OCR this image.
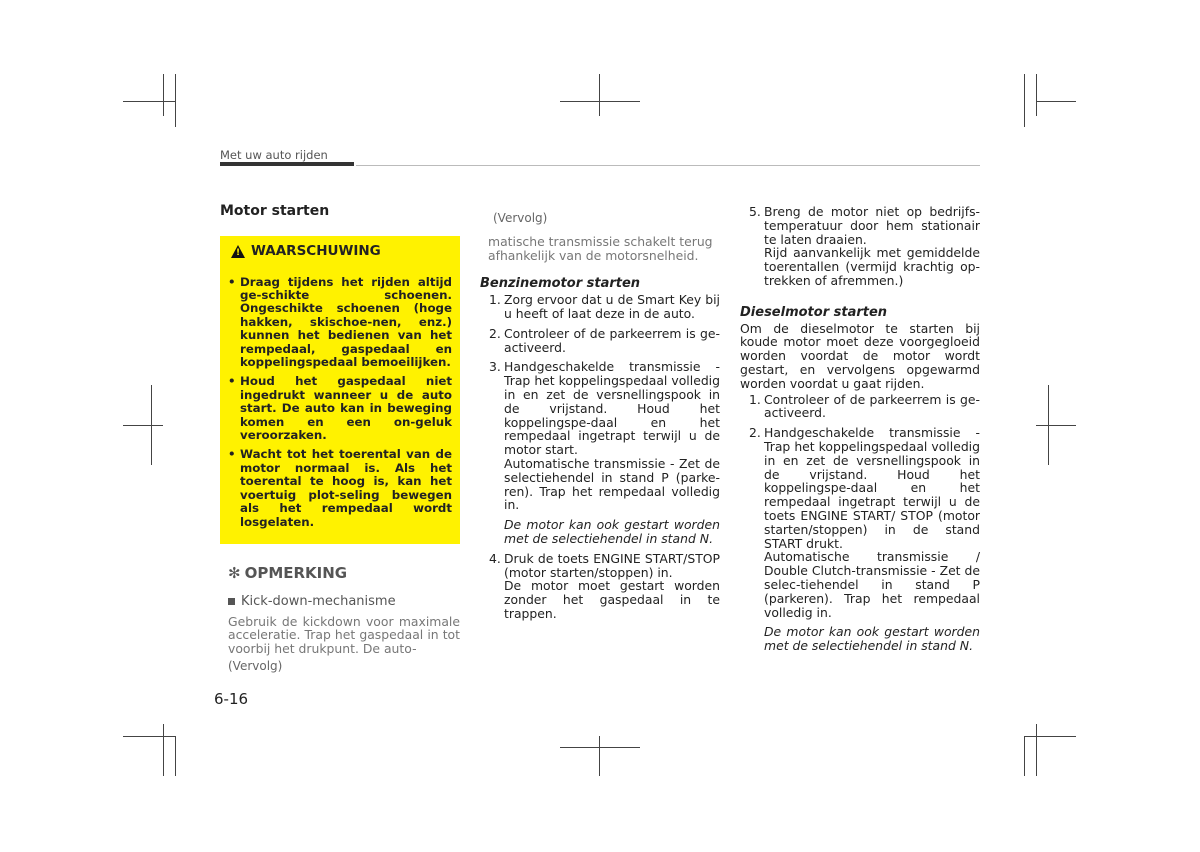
Met uw auto rijden
Motor starten
!
WAARSCHUWING
• Draag tijdens het rijden altijd ge-schikte schoenen. Ongeschikte schoenen (hoge hakken, skischoe-nen, enz.) kunnen het bedienen van het rempedaal, gaspedaal en koppelingspedaal bemoeilijken.
• Houd het gaspedaal niet ingedrukt wanneer u de auto start. De auto kan in beweging komen en een on-geluk veroorzaken.
• Wacht tot het toerental van de motor normaal is. Als het toerental te hoog is, kan het voertuig plot-seling bewegen als het rempedaal wordt losgelaten.
✻ OPMERKING
Kick-down-mechanisme
Gebruik de kickdown voor maximale acceleratie. Trap het gaspedaal in tot voorbij het drukpunt. De auto-
(Vervolg)
(Vervolg)
matische transmissie schakelt terug afhankelijk van de motorsnelheid.
Benzinemotor starten
1. Zorg ervoor dat u de Smart Key bij u heeft of laat deze in de auto.
2. Controleer of de parkeerrem is ge-activeerd.
3. Handgeschakelde transmissie - Trap het koppelingspedaal volledig in en zet de versnellingspook in de vrijstand. Houd het koppelingspe-daal en het rempedaal ingetrapt terwijl u de motor start.
Automatische transmissie - Zet de selectiehendel in stand P (parke-ren). Trap het rempedaal volledig in.
De motor kan ook gestart worden met de selectiehendel in stand N.
4. Druk de toets ENGINE START/STOP (motor starten/stoppen) in.
De motor moet gestart worden zonder het gaspedaal in te trappen.
5. Breng de motor niet op bedrijfs-temperatuur door hem stationair te laten draaien.
Rijd aanvankelijk met gemiddelde toerentallen (vermijd krachtig op-trekken of afremmen.)
Dieselmotor starten
Om de dieselmotor te starten bij koude motor moet deze voorgegloeid worden voordat de motor wordt gestart, en vervolgens opgewarmd worden voordat u gaat rijden.
1. Controleer of de parkeerrem is ge-activeerd.
2. Handgeschakelde transmissie - Trap het koppelingspedaal volledig in en zet de versnellingspook in de vrijstand. Houd het koppelingspe-daal en het rempedaal ingetrapt terwijl u de toets ENGINE START/ STOP (motor starten/stoppen) in de stand START drukt.
Automatische transmissie / Double Clutch-transmissie - Zet de selec-tiehendel in stand P (parkeren). Trap het rempedaal volledig in.
De motor kan ook gestart worden met de selectiehendel in stand N.
6-16
